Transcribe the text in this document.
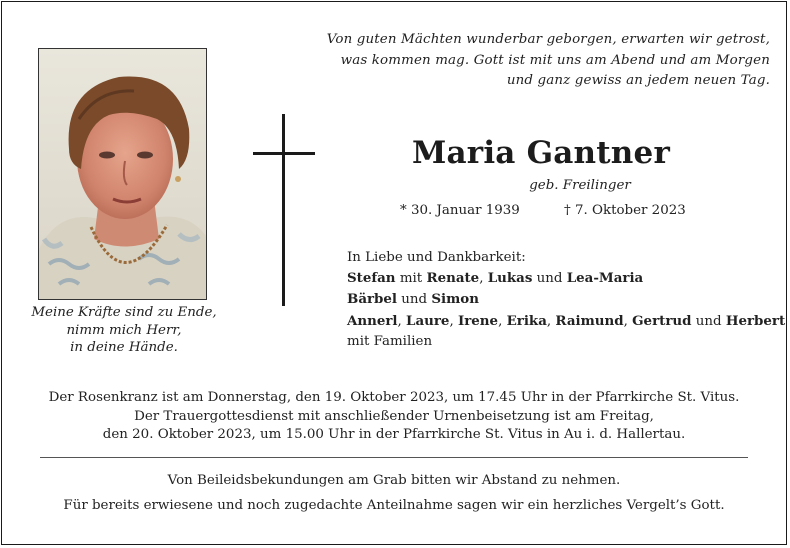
Von guten Mächten wunderbar geborgen, erwarten wir getrost,
was kommen mag. Gott ist mit uns am Abend und am Morgen
und ganz gewiss an jedem neuen Tag.
Meine Kräfte sind zu Ende,
nimm mich Herr,
in deine Hände.
Maria Gantner
geb. Freilinger
* 30. Januar 1939	† 7. Oktober 2023
In Liebe und Dankbarkeit:
Stefan mit Renate, Lukas und Lea-Maria
Bärbel und Simon
Annerl, Laure, Irene, Erika, Raimund, Gertrud und Herbert
mit Familien
Der Rosenkranz ist am Donnerstag, den 19. Oktober 2023, um 17.45 Uhr in der Pfarrkirche St. Vitus.
Der Trauergottesdienst mit anschließender Urnenbeisetzung ist am Freitag,
den 20. Oktober 2023, um 15.00 Uhr in der Pfarrkirche St. Vitus in Au i. d. Hallertau.
Von Beileidsbekundungen am Grab bitten wir Abstand zu nehmen.
Für bereits erwiesene und noch zugedachte Anteilnahme sagen wir ein herzliches Vergelt’s Gott.
